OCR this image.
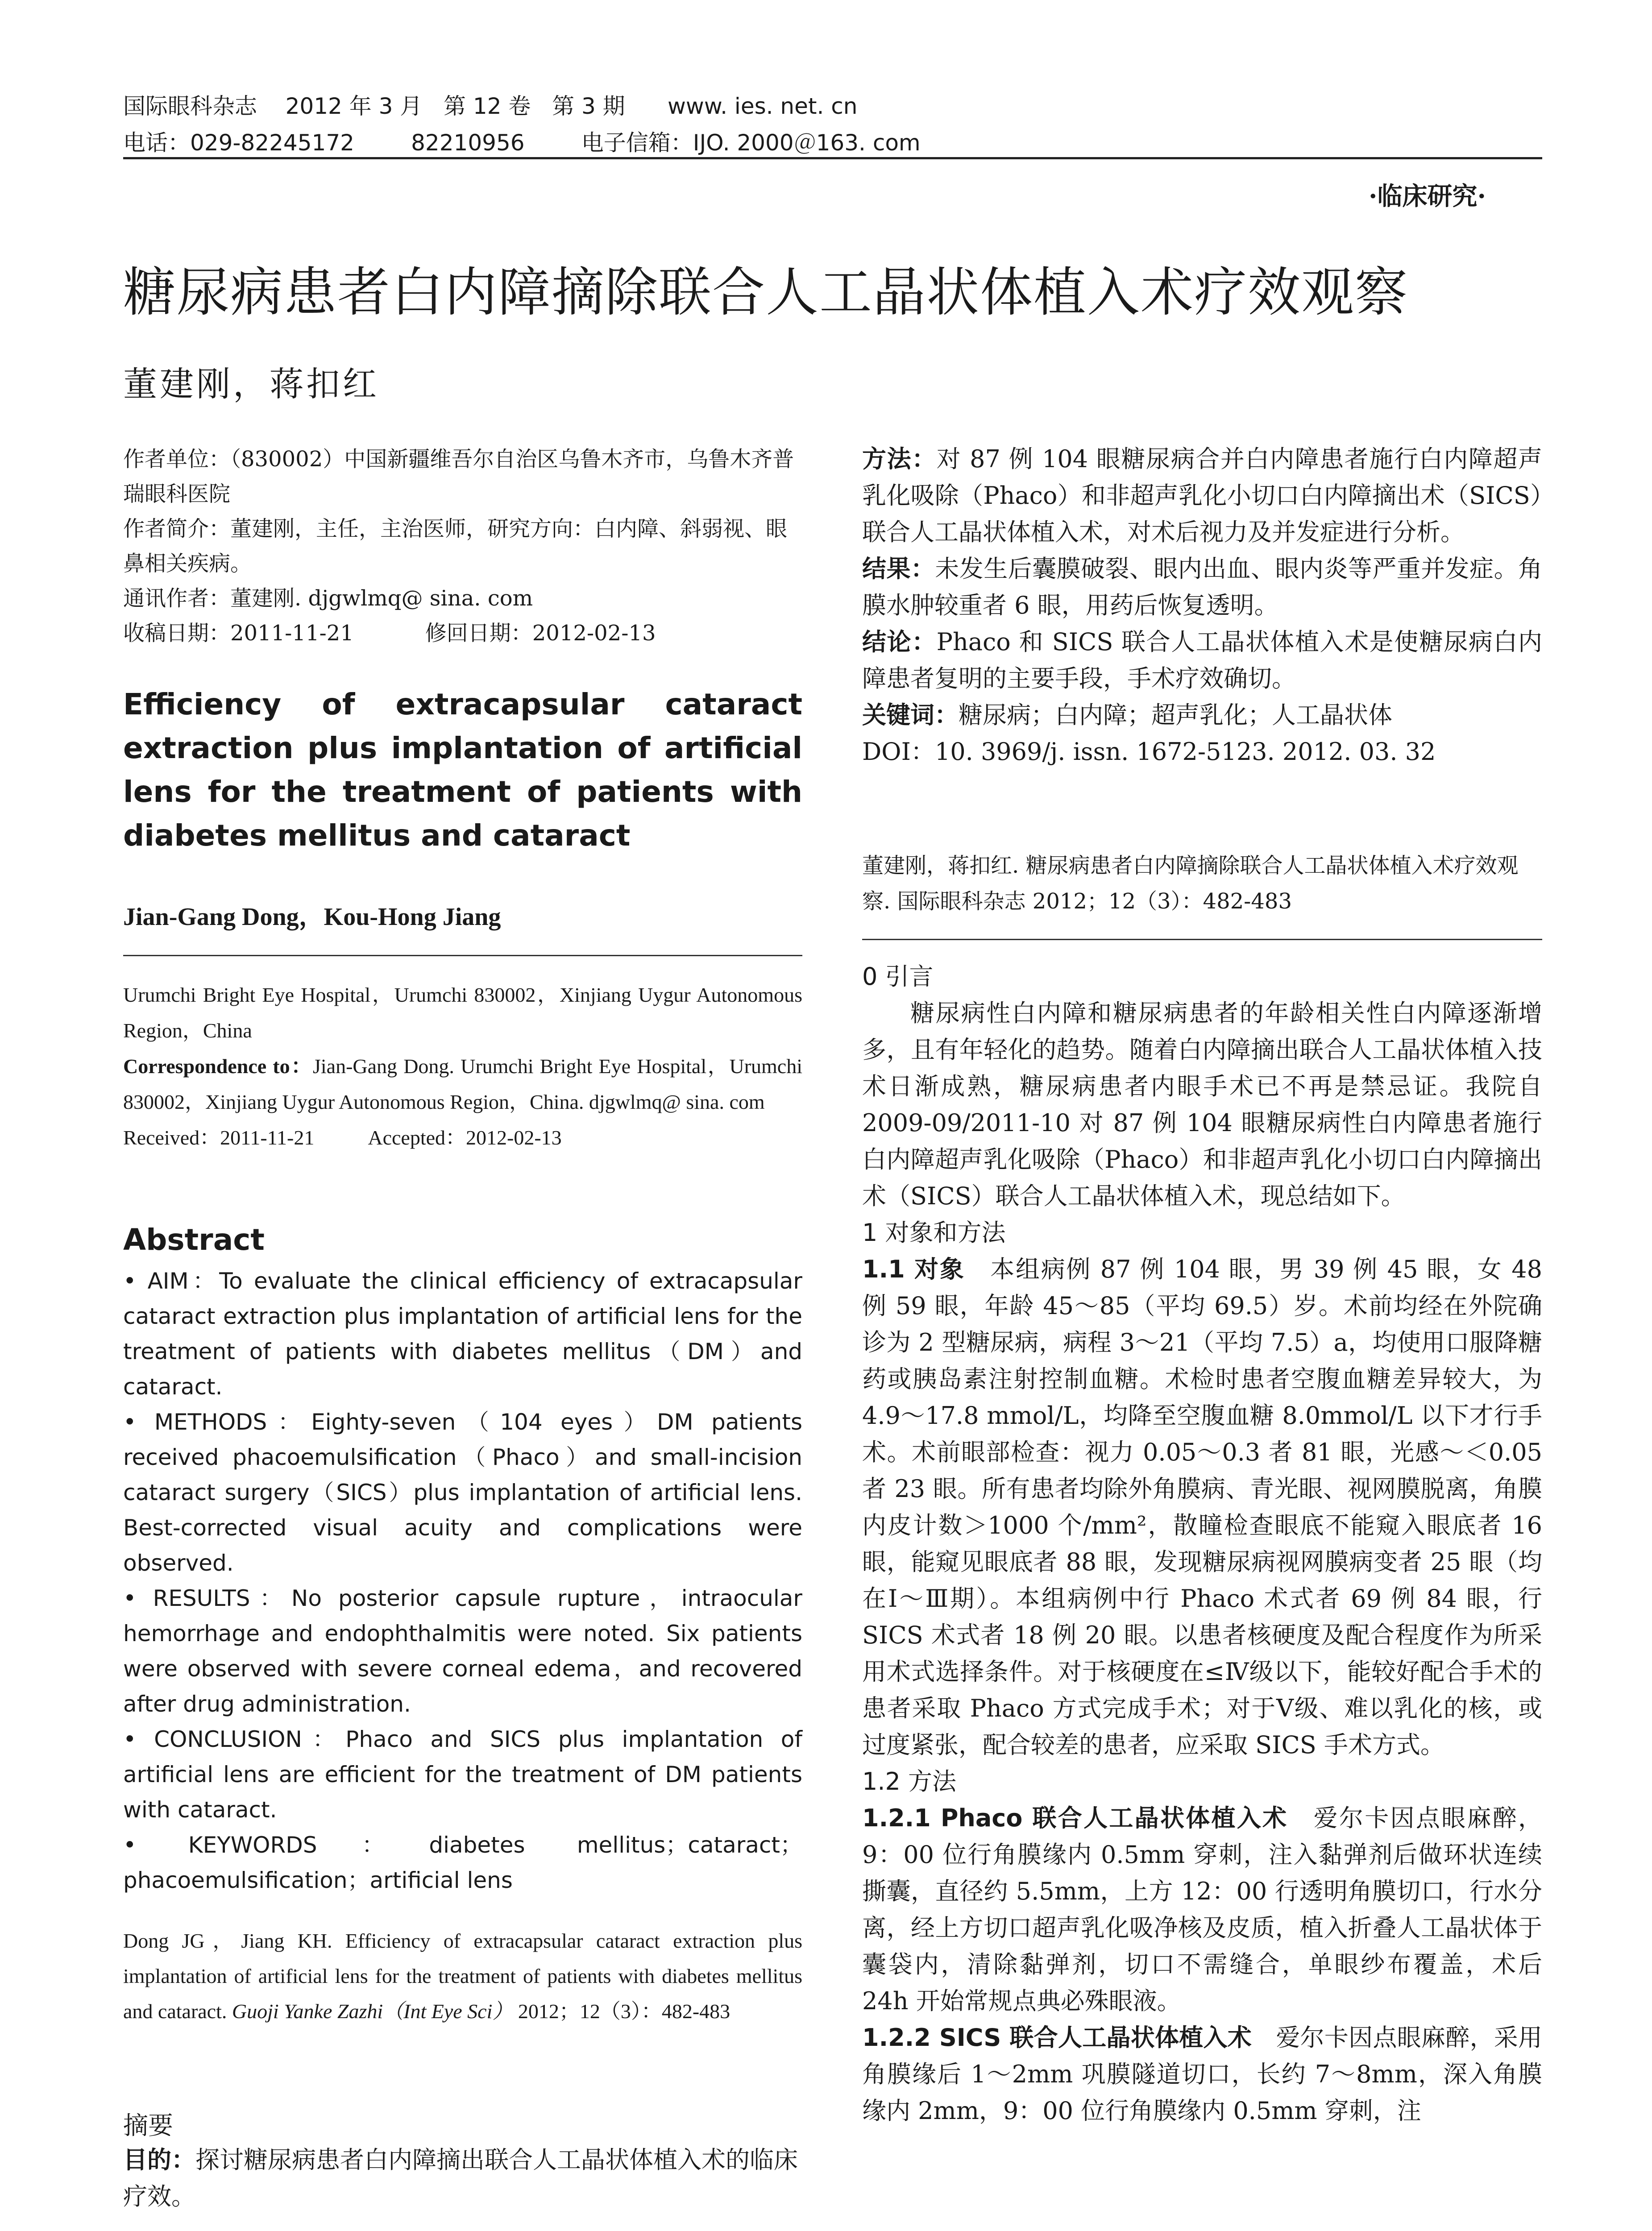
国际眼科杂志    2012 年 3 月   第 12 卷   第 3 期      www. ies. net. cn
电话：029-82245172        82210956        电子信箱：IJO. 2000＠163. com
·临床研究·
糖尿病患者白内障摘除联合人工晶状体植入术疗效观察
董建刚，蒋扣红

作者单位：（830002）中国新疆维吾尔自治区乌鲁木齐市，乌鲁木齐普瑞眼科医院

作者简介：董建刚，主任，主治医师，研究方向：白内障、斜弱视、眼鼻相关疾病。

通讯作者：董建刚. djgwlmq@ sina. com

收稿日期：2011-11-21	修回日期：2012-02-13

Efficiency of extracapsular cataract extraction plus implantation of artificial lens for the treatment of patients with diabetes mellitus and cataract
Jian-Gang Dong，Kou-Hong Jiang

Urumchi Bright Eye Hospital，Urumchi 830002，Xinjiang Uygur Autonomous Region，China

Correspondence to：Jian-Gang Dong. Urumchi Bright Eye Hospital，Urumchi 830002，Xinjiang Uygur Autonomous Region，China. djgwlmq@ sina. com

Received：2011-11-21	Accepted：2012-02-13

Abstract

• AIM：To evaluate the clinical efficiency of extracapsular cataract extraction plus implantation of artificial lens for the treatment of patients with diabetes mellitus（DM）and cataract.

• METHODS：Eighty-seven（104 eyes）DM patients received phacoemulsification（Phaco）and small-incision cataract surgery（SICS）plus implantation of artificial lens. Best-corrected visual acuity and complications were observed.

• RESULTS：No posterior capsule rupture，intraocular hemorrhage and endophthalmitis were noted. Six patients were observed with severe corneal edema，and recovered after drug administration.

• CONCLUSION：Phaco and SICS plus implantation of artificial lens are efficient for the treatment of DM patients with cataract.

• KEYWORDS：diabetes mellitus；cataract；phacoemulsification；artificial lens

Dong JG，Jiang KH. Efficiency of extracapsular cataract extraction plus implantation of artificial lens for the treatment of patients with diabetes mellitus and cataract. Guoji Yanke Zazhi（Int Eye Sci） 2012；12（3）：482-483

摘要

目的：探讨糖尿病患者白内障摘出联合人工晶状体植入术的临床疗效。

方法：对 87 例 104 眼糖尿病合并白内障患者施行白内障超声乳化吸除（Phaco）和非超声乳化小切口白内障摘出术（SICS）联合人工晶状体植入术，对术后视力及并发症进行分析。

结果：未发生后囊膜破裂、眼内出血、眼内炎等严重并发症。角膜水肿较重者 6 眼，用药后恢复透明。

结论：Phaco 和 SICS 联合人工晶状体植入术是使糖尿病白内障患者复明的主要手段，手术疗效确切。

关键词：糖尿病；白内障；超声乳化；人工晶状体

DOI：10. 3969/j. issn. 1672-5123. 2012. 03. 32

董建刚，蒋扣红. 糖尿病患者白内障摘除联合人工晶状体植入术疗效观察. 国际眼科杂志 2012；12（3）：482-483

0 引言

糖尿病性白内障和糖尿病患者的年龄相关性白内障逐渐增多，且有年轻化的趋势。随着白内障摘出联合人工晶状体植入技术日渐成熟，糖尿病患者内眼手术已不再是禁忌证。我院自 2009-09/2011-10 对 87 例 104 眼糖尿病性白内障患者施行白内障超声乳化吸除（Phaco）和非超声乳化小切口白内障摘出术（SICS）联合人工晶状体植入术，现总结如下。

1 对象和方法

1.1 对象 本组病例 87 例 104 眼，男 39 例 45 眼，女 48 例 59 眼，年龄 45～85（平均 69.5）岁。术前均经在外院确诊为 2 型糖尿病，病程 3～21（平均 7.5）a，均使用口服降糖药或胰岛素注射控制血糖。术检时患者空腹血糖差异较大，为 4.9～17.8 mmol/L，均降至空腹血糖 8.0mmol/L 以下才行手术。术前眼部检查：视力 0.05～0.3 者 81 眼，光感～＜0.05 者 23 眼。所有患者均除外角膜病、青光眼、视网膜脱离，角膜内皮计数＞1000 个/mm²，散瞳检查眼底不能窥入眼底者 16 眼，能窥见眼底者 88 眼，发现糖尿病视网膜病变者 25 眼（均在Ⅰ～Ⅲ期）。本组病例中行 Phaco 术式者 69 例 84 眼，行 SICS 术式者 18 例 20 眼。以患者核硬度及配合程度作为所采用术式选择条件。对于核硬度在≤Ⅳ级以下，能较好配合手术的患者采取 Phaco 方式完成手术；对于Ⅴ级、难以乳化的核，或过度紧张，配合较差的患者，应采取 SICS 手术方式。

1.2 方法

1.2.1 Phaco 联合人工晶状体植入术 爱尔卡因点眼麻醉，9：00 位行角膜缘内 0.5mm 穿刺，注入黏弹剂后做环状连续撕囊，直径约 5.5mm，上方 12：00 行透明角膜切口，行水分离，经上方切口超声乳化吸净核及皮质，植入折叠人工晶状体于囊袋内，清除黏弹剂，切口不需缝合，单眼纱布覆盖，术后 24h 开始常规点典必殊眼液。

1.2.2 SICS 联合人工晶状体植入术 爱尔卡因点眼麻醉，采用角膜缘后 1～2mm 巩膜隧道切口，长约 7～8mm，深入角膜缘内 2mm，9：00 位行角膜缘内 0.5mm 穿刺，注
